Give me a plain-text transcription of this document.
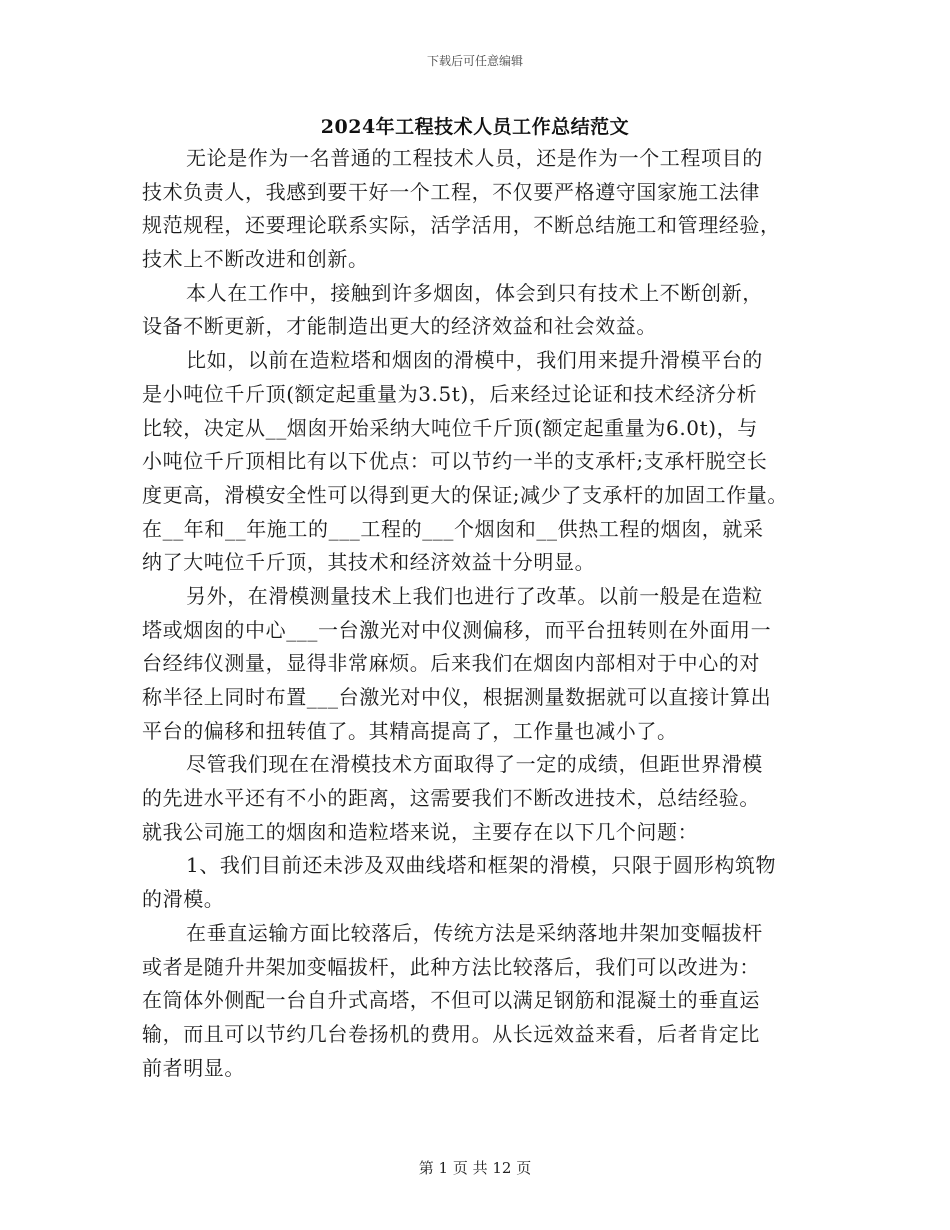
下载后可任意编辑
2024年工程技术人员工作总结范文
无论是作为一名普通的工程技术人员，还是作为一个工程项目的
技术负责人，我感到要干好一个工程，不仅要严格遵守国家施工法律
规范规程，还要理论联系实际，活学活用，不断总结施工和管理经验，
技术上不断改进和创新。
本人在工作中，接触到许多烟囱，体会到只有技术上不断创新，
设备不断更新，才能制造出更大的经济效益和社会效益。
比如，以前在造粒塔和烟囱的滑模中，我们用来提升滑模平台的
是小吨位千斤顶(额定起重量为3.5t)，后来经过论证和技术经济分析
比较，决定从__烟囱开始采纳大吨位千斤顶(额定起重量为6.0t)，与
小吨位千斤顶相比有以下优点：可以节约一半的支承杆;支承杆脱空长
度更高，滑模安全性可以得到更大的保证;减少了支承杆的加固工作量。
在__年和__年施工的___工程的___个烟囱和__供热工程的烟囱，就采
纳了大吨位千斤顶，其技术和经济效益十分明显。
另外，在滑模测量技术上我们也进行了改革。以前一般是在造粒
塔或烟囱的中心___一台激光对中仪测偏移，而平台扭转则在外面用一
台经纬仪测量，显得非常麻烦。后来我们在烟囱内部相对于中心的对
称半径上同时布置___台激光对中仪，根据测量数据就可以直接计算出
平台的偏移和扭转值了。其精高提高了，工作量也减小了。
尽管我们现在在滑模技术方面取得了一定的成绩，但距世界滑模
的先进水平还有不小的距离，这需要我们不断改进技术，总结经验。
就我公司施工的烟囱和造粒塔来说，主要存在以下几个问题：
1、我们目前还未涉及双曲线塔和框架的滑模，只限于圆形构筑物
的滑模。
在垂直运输方面比较落后，传统方法是采纳落地井架加变幅拔杆
或者是随升井架加变幅拔杆，此种方法比较落后，我们可以改进为：
在筒体外侧配一台自升式高塔，不但可以满足钢筋和混凝土的垂直运
输，而且可以节约几台卷扬机的费用。从长远效益来看，后者肯定比
前者明显。
第 1 页 共 12 页
